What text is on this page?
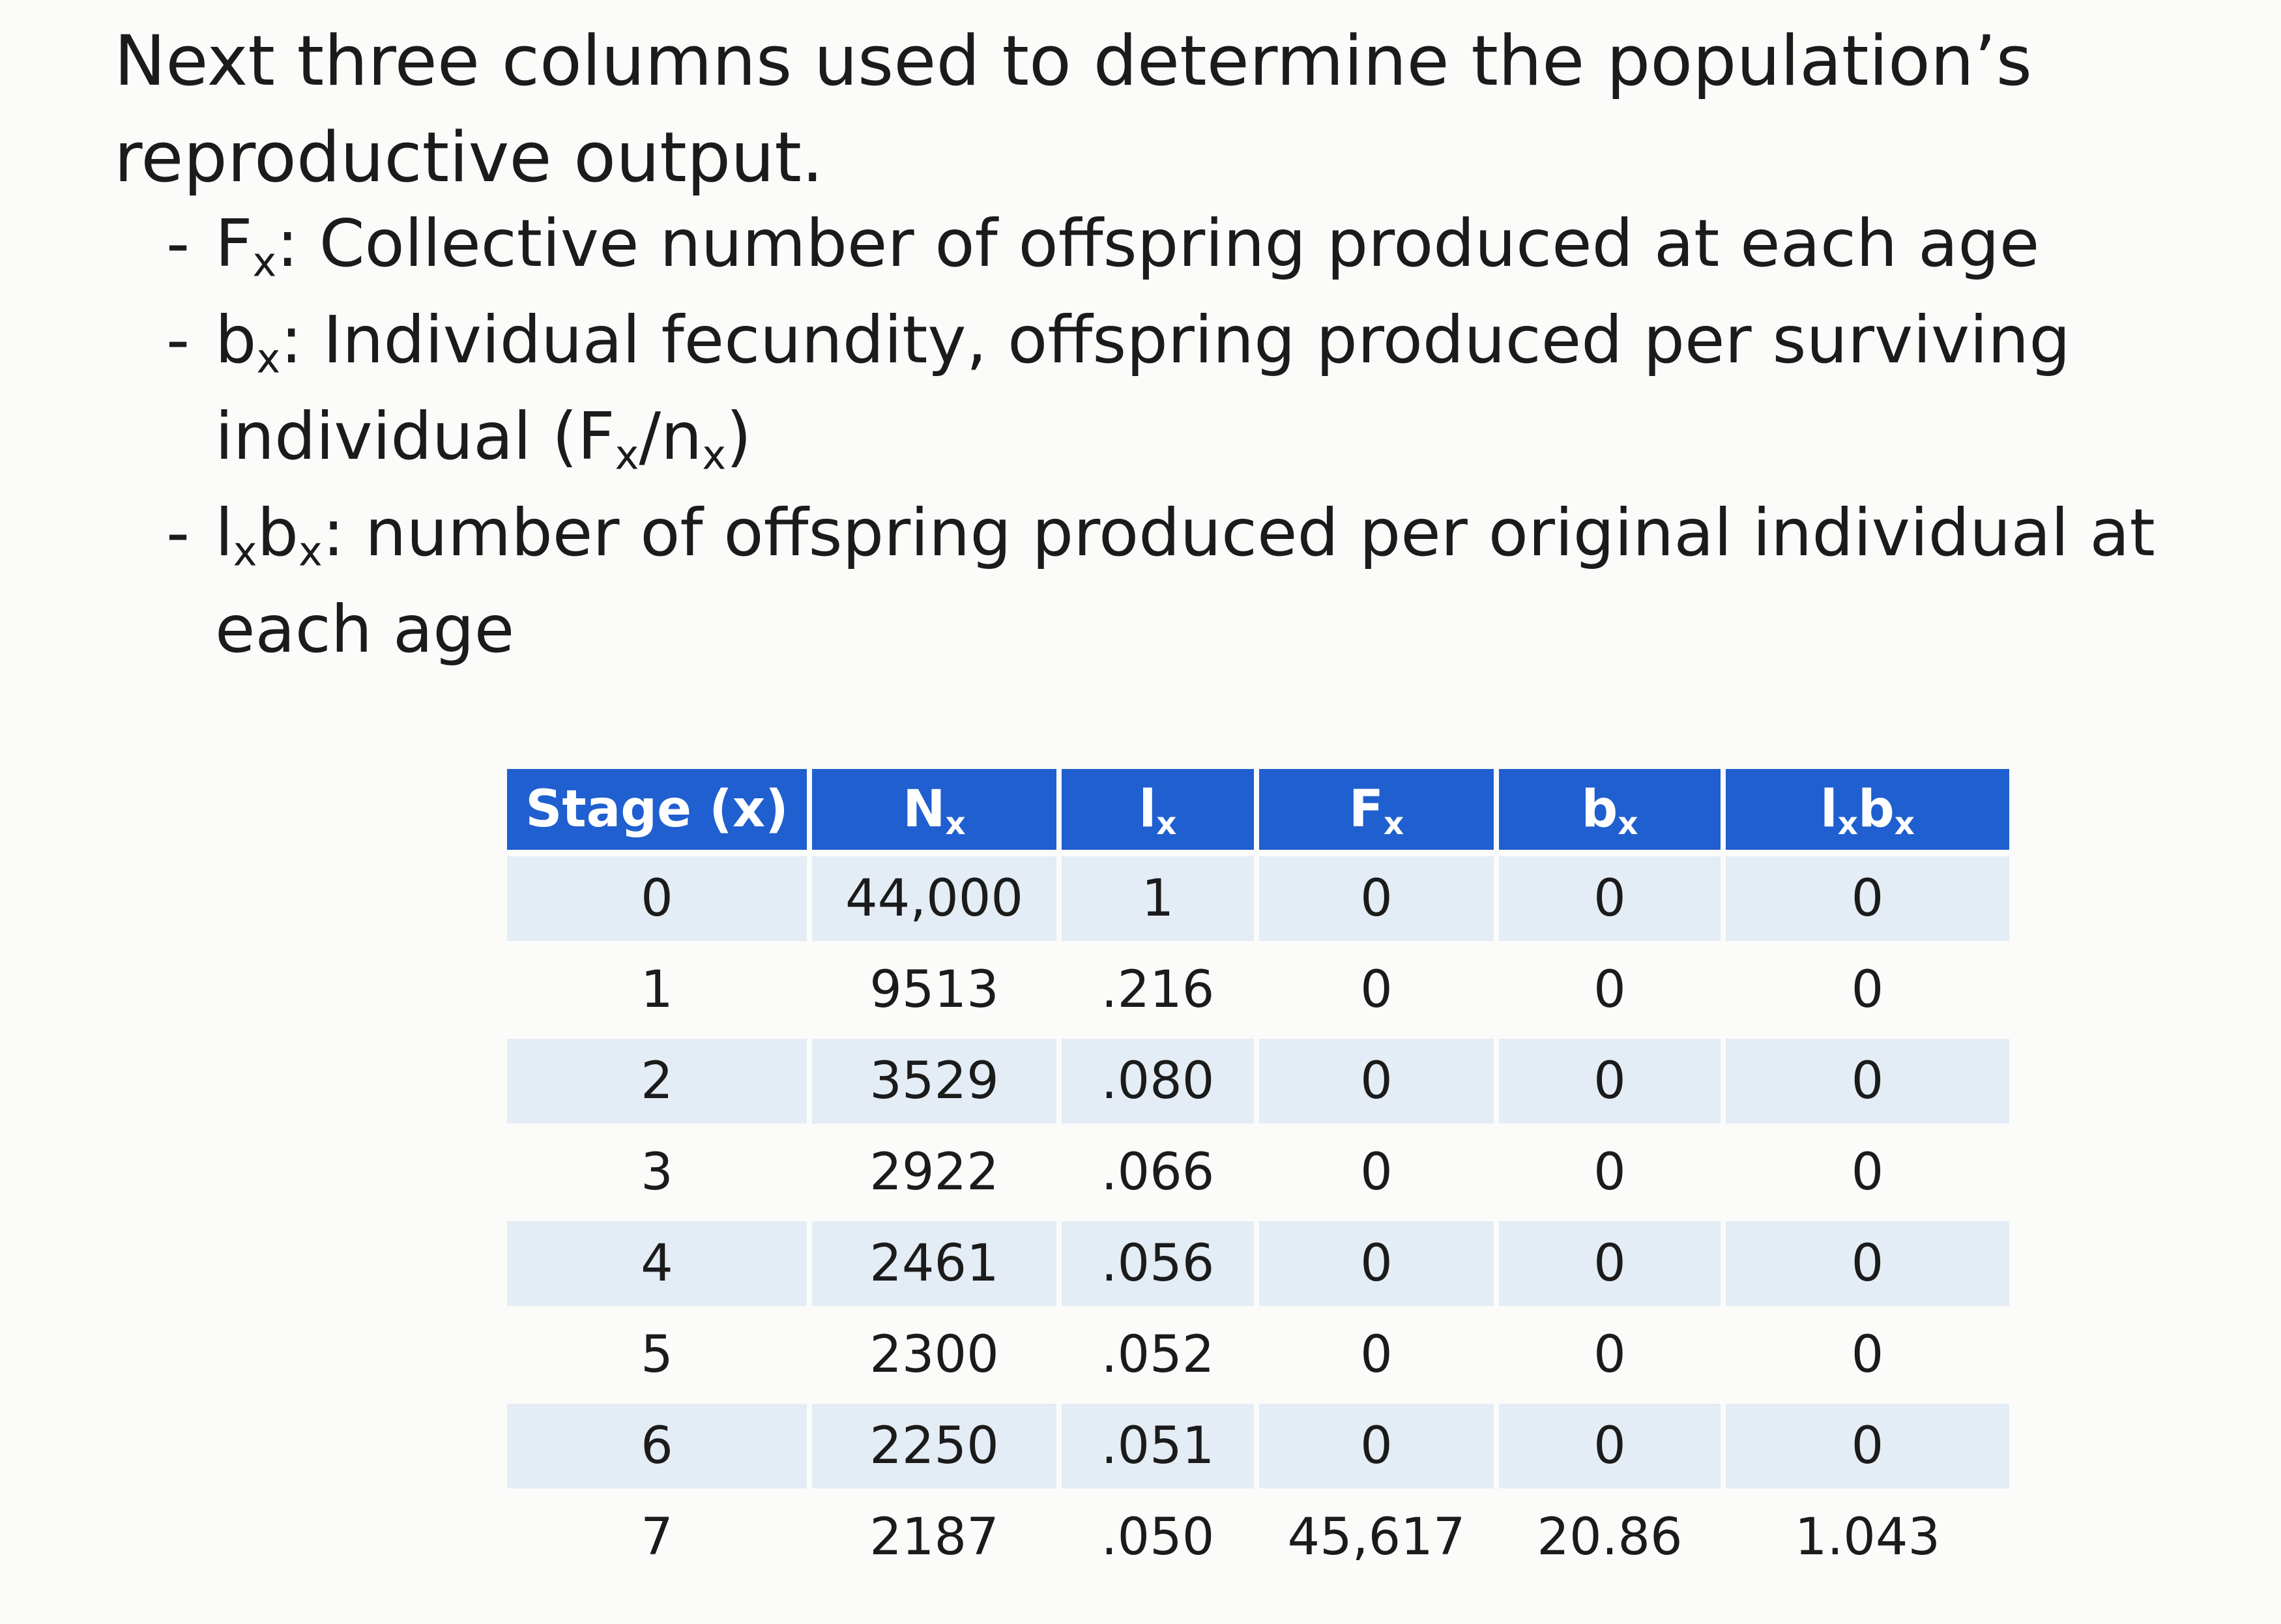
Next three columns used to determine the population’s reproductive output.
- $F_x$: Collective number of offspring produced at each age
- $b_x$: Individual fecundity, offspring produced per surviving individual $(F_x/n_x)$
- $l_xb_x$: number of offspring produced per original individual at each age
Stage (x)	$N_x$	$l_x$	$F_x$	$b_x$	$l_xb_x$
0	44,000	1	0	0	0
1	9513	.216	0	0	0
2	3529	.080	0	0	0
3	2922	.066	0	0	0
4	2461	.056	0	0	0
5	2300	.052	0	0	0
6	2250	.051	0	0	0
7	2187	.050	45,617	20.86	1.043
